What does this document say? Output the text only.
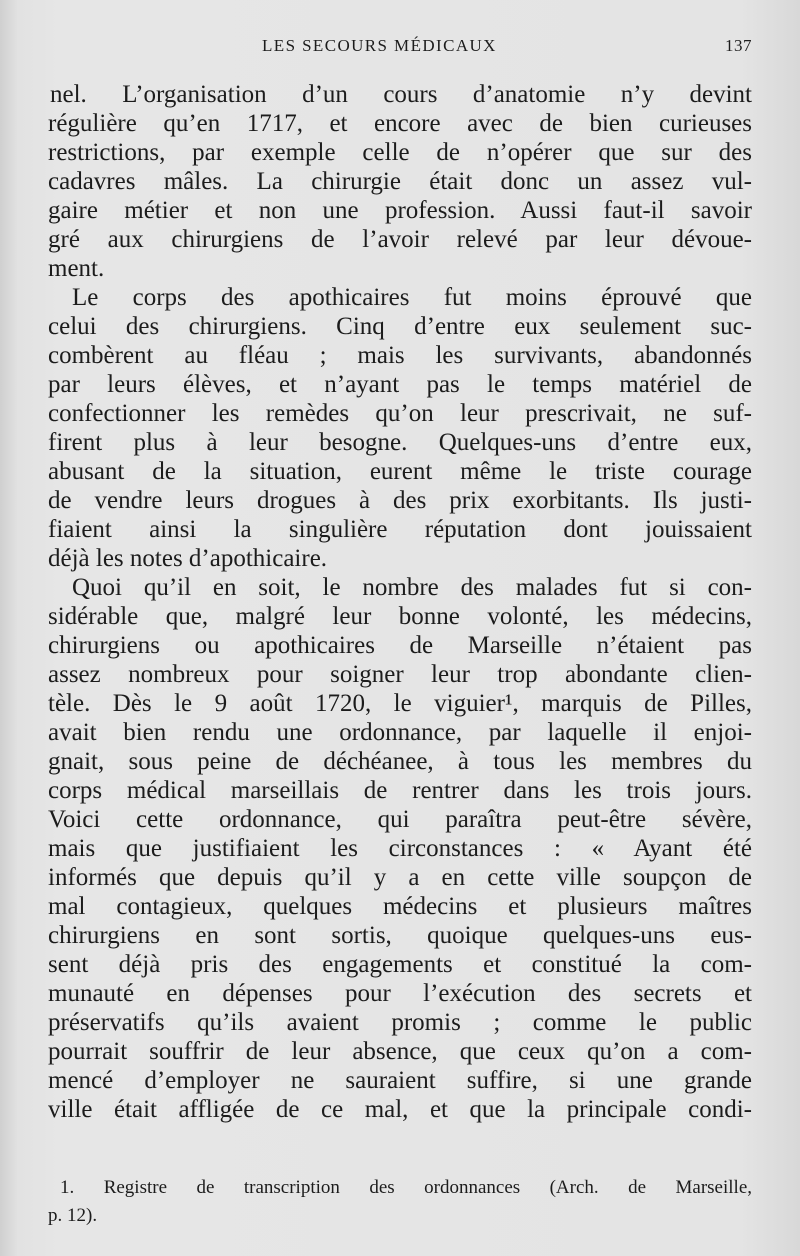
LES SECOURS MÉDICAUX	137
nel. L’organisation d’un cours d’anatomie n’y devint
régulière qu’en 1717, et encore avec de bien curieuses
restrictions, par exemple celle de n’opérer que sur des
cadavres mâles. La chirurgie était donc un assez vul-
gaire métier et non une profession. Aussi faut-il savoir
gré aux chirurgiens de l’avoir relevé par leur dévoue-
ment.
Le corps des apothicaires fut moins éprouvé que
celui des chirurgiens. Cinq d’entre eux seulement suc-
combèrent au fléau ; mais les survivants, abandonnés
par leurs élèves, et n’ayant pas le temps matériel de
confectionner les remèdes qu’on leur prescrivait, ne suf-
firent plus à leur besogne. Quelques-uns d’entre eux,
abusant de la situation, eurent même le triste courage
de vendre leurs drogues à des prix exorbitants. Ils justi-
fiaient ainsi la singulière réputation dont jouissaient
déjà les notes d’apothicaire.
Quoi qu’il en soit, le nombre des malades fut si con-
sidérable que, malgré leur bonne volonté, les médecins,
chirurgiens ou apothicaires de Marseille n’étaient pas
assez nombreux pour soigner leur trop abondante clien-
tèle. Dès le 9 août 1720, le viguier¹, marquis de Pilles,
avait bien rendu une ordonnance, par laquelle il enjoi-
gnait, sous peine de déchéanee, à tous les membres du
corps médical marseillais de rentrer dans les trois jours.
Voici cette ordonnance, qui paraîtra peut-être sévère,
mais que justifiaient les circonstances : « Ayant été
informés que depuis qu’il y a en cette ville soupçon de
mal contagieux, quelques médecins et plusieurs maîtres
chirurgiens en sont sortis, quoique quelques-uns eus-
sent déjà pris des engagements et constitué la com-
munauté en dépenses pour l’exécution des secrets et
préservatifs qu’ils avaient promis ; comme le public
pourrait souffrir de leur absence, que ceux qu’on a com-
mencé d’employer ne sauraient suffire, si une grande
ville était affligée de ce mal, et que la principale condi-
1. Registre de transcription des ordonnances (Arch. de Marseille,
p. 12).
